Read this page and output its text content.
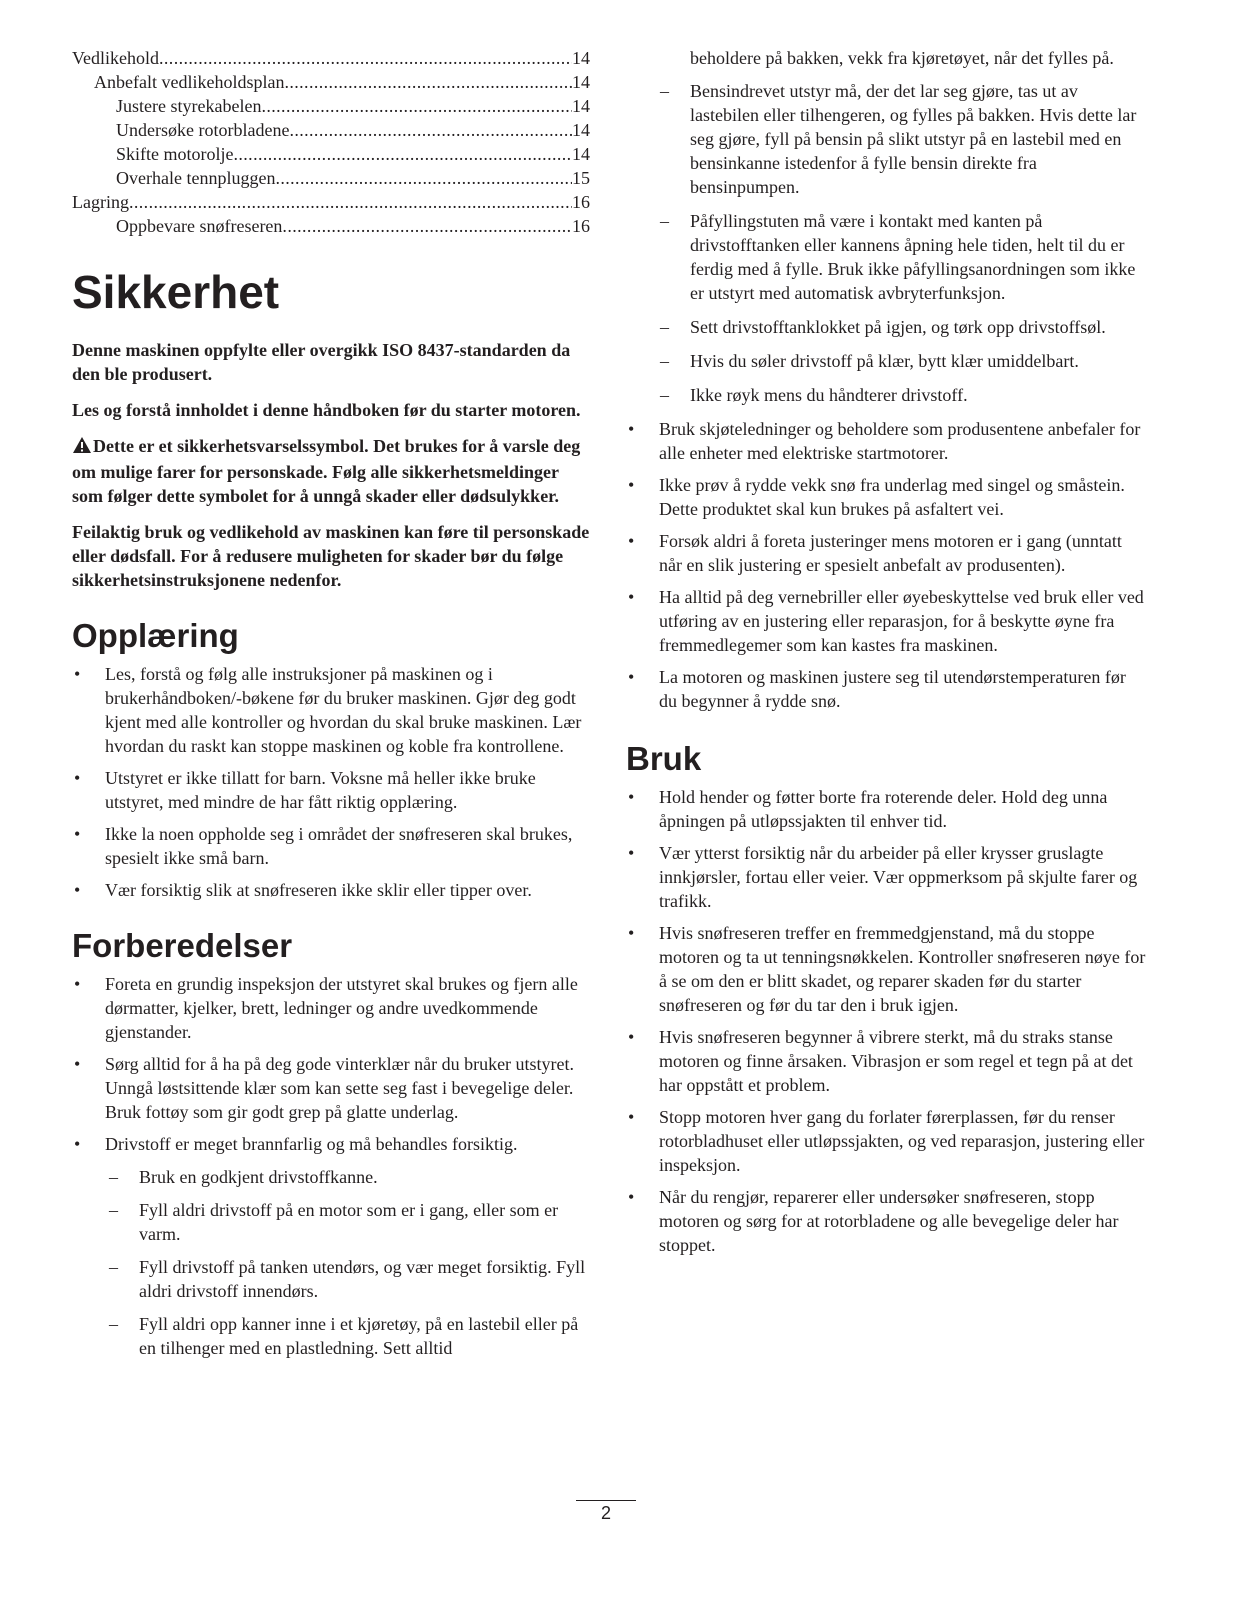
Vedlikehold .....	14
Anbefalt vedlikeholdsplan .....	14
Justere styrekabelen .....	14
Undersøke rotorbladene .....	14
Skifte motorolje .....	14
Overhale tennpluggen .....	15
Lagring .....	16
Oppbevare snøfreseren .....	16
Sikkerhet

Denne maskinen oppfylte eller overgikk ISO 8437-standarden da den ble produsert.

Les og forstå innholdet i denne håndboken før du starter motoren.

Dette er et sikkerhetsvarselssymbol. Det brukes for å varsle deg om mulige farer for personskade. Følg alle sikkerhetsmeldinger som følger dette symbolet for å unngå skader eller dødsulykker.

Feilaktig bruk og vedlikehold av maskinen kan føre til personskade eller dødsfall. For å redusere muligheten for skader bør du følge sikkerhetsinstruksjonene nedenfor.

Opplæring
• Les, forstå og følg alle instruksjoner på maskinen og i brukerhåndboken/-bøkene før du bruker maskinen. Gjør deg godt kjent med alle kontroller og hvordan du skal bruke maskinen. Lær hvordan du raskt kan stoppe maskinen og koble fra kontrollene.
• Utstyret er ikke tillatt for barn. Voksne må heller ikke bruke utstyret, med mindre de har fått riktig opplæring.
• Ikke la noen oppholde seg i området der snøfreseren skal brukes, spesielt ikke små barn.
• Vær forsiktig slik at snøfreseren ikke sklir eller tipper over.
Forberedelser
• Foreta en grundig inspeksjon der utstyret skal brukes og fjern alle dørmatter, kjelker, brett, ledninger og andre uvedkommende gjenstander.
• Sørg alltid for å ha på deg gode vinterklær når du bruker utstyret. Unngå løstsittende klær som kan sette seg fast i bevegelige deler. Bruk fottøy som gir godt grep på glatte underlag.
• Drivstoff er meget brannfarlig og må behandles forsiktig.
– Bruk en godkjent drivstoffkanne.
– Fyll aldri drivstoff på en motor som er i gang, eller som er varm.
– Fyll drivstoff på tanken utendørs, og vær meget forsiktig. Fyll aldri drivstoff innendørs.
– Fyll aldri opp kanner inne i et kjøretøy, på en lastebil eller på en tilhenger med en plastledning. Sett alltid

beholdere på bakken, vekk fra kjøretøyet, når det fylles på.

– Bensindrevet utstyr må, der det lar seg gjøre, tas ut av lastebilen eller tilhengeren, og fylles på bakken. Hvis dette lar seg gjøre, fyll på bensin på slikt utstyr på en lastebil med en bensinkanne istedenfor å fylle bensin direkte fra bensinpumpen.
– Påfyllingstuten må være i kontakt med kanten på drivstofftanken eller kannens åpning hele tiden, helt til du er ferdig med å fylle. Bruk ikke påfyllingsanordningen som ikke er utstyrt med automatisk avbryterfunksjon.
– Sett drivstofftanklokket på igjen, og tørk opp drivstoffsøl.
– Hvis du søler drivstoff på klær, bytt klær umiddelbart.
– Ikke røyk mens du håndterer drivstoff.
• Bruk skjøteledninger og beholdere som produsentene anbefaler for alle enheter med elektriske startmotorer.
• Ikke prøv å rydde vekk snø fra underlag med singel og småstein. Dette produktet skal kun brukes på asfaltert vei.
• Forsøk aldri å foreta justeringer mens motoren er i gang (unntatt når en slik justering er spesielt anbefalt av produsenten).
• Ha alltid på deg vernebriller eller øyebeskyttelse ved bruk eller ved utføring av en justering eller reparasjon, for å beskytte øyne fra fremmedlegemer som kan kastes fra maskinen.
• La motoren og maskinen justere seg til utendørstemperaturen før du begynner å rydde snø.
Bruk
• Hold hender og føtter borte fra roterende deler. Hold deg unna åpningen på utløpssjakten til enhver tid.
• Vær ytterst forsiktig når du arbeider på eller krysser gruslagte innkjørsler, fortau eller veier. Vær oppmerksom på skjulte farer og trafikk.
• Hvis snøfreseren treffer en fremmedgjenstand, må du stoppe motoren og ta ut tenningsnøkkelen. Kontroller snøfreseren nøye for å se om den er blitt skadet, og reparer skaden før du starter snøfreseren og før du tar den i bruk igjen.
• Hvis snøfreseren begynner å vibrere sterkt, må du straks stanse motoren og finne årsaken. Vibrasjon er som regel et tegn på at det har oppstått et problem.
• Stopp motoren hver gang du forlater førerplassen, før du renser rotorbladhuset eller utløpssjakten, og ved reparasjon, justering eller inspeksjon.
• Når du rengjør, reparerer eller undersøker snøfreseren, stopp motoren og sørg for at rotorbladene og alle bevegelige deler har stoppet.
2
